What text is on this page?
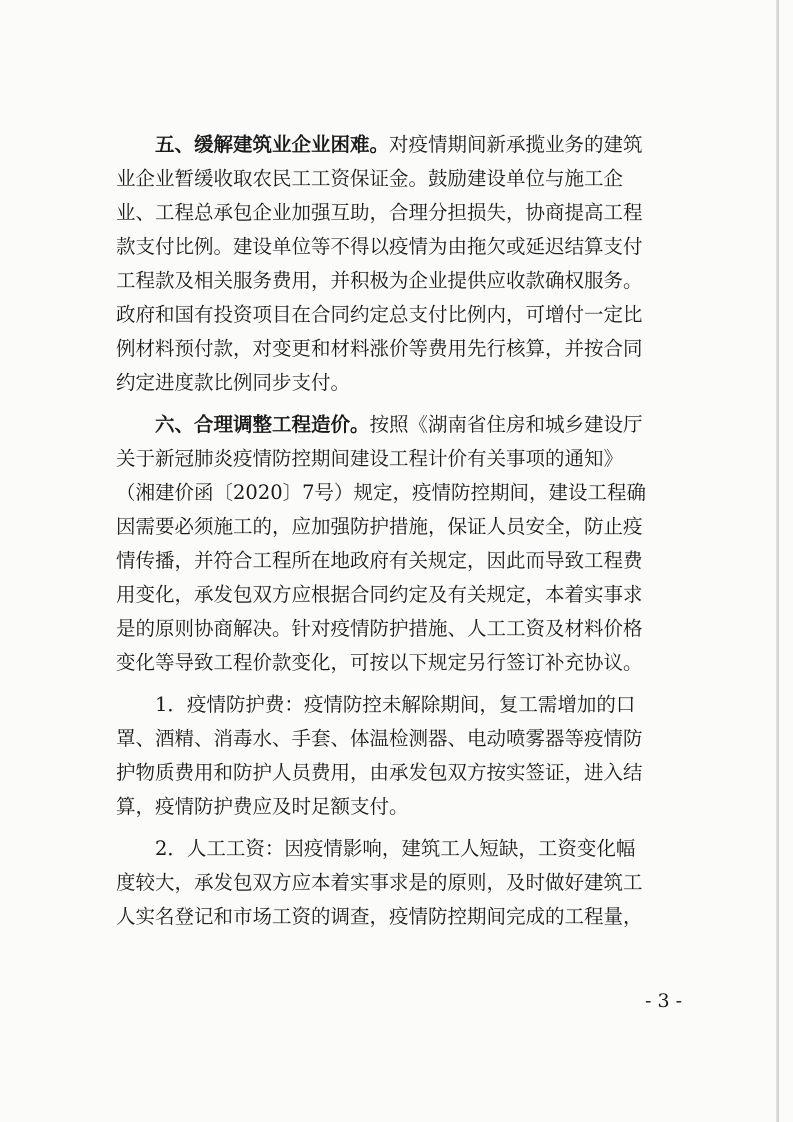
五、缓解建筑业企业困难。对疫情期间新承揽业务的建筑
业企业暂缓收取农民工工资保证金。鼓励建设单位与施工企
业、工程总承包企业加强互助，合理分担损失，协商提高工程
款支付比例。建设单位等不得以疫情为由拖欠或延迟结算支付
工程款及相关服务费用，并积极为企业提供应收款确权服务。
政府和国有投资项目在合同约定总支付比例内，可增付一定比
例材料预付款，对变更和材料涨价等费用先行核算，并按合同
约定进度款比例同步支付。
六、合理调整工程造价。按照《湖南省住房和城乡建设厅
关于新冠肺炎疫情防控期间建设工程计价有关事项的通知》
（湘建价函〔2020〕7号）规定，疫情防控期间，建设工程确
因需要必须施工的，应加强防护措施，保证人员安全，防止疫
情传播，并符合工程所在地政府有关规定，因此而导致工程费
用变化，承发包双方应根据合同约定及有关规定，本着实事求
是的原则协商解决。针对疫情防护措施、人工工资及材料价格
变化等导致工程价款变化，可按以下规定另行签订补充协议。
1．疫情防护费：疫情防控未解除期间，复工需增加的口
罩、酒精、消毒水、手套、体温检测器、电动喷雾器等疫情防
护物质费用和防护人员费用，由承发包双方按实签证，进入结
算，疫情防护费应及时足额支付。
2．人工工资：因疫情影响，建筑工人短缺，工资变化幅
度较大，承发包双方应本着实事求是的原则，及时做好建筑工
人实名登记和市场工资的调查，疫情防控期间完成的工程量，
- 3 -
